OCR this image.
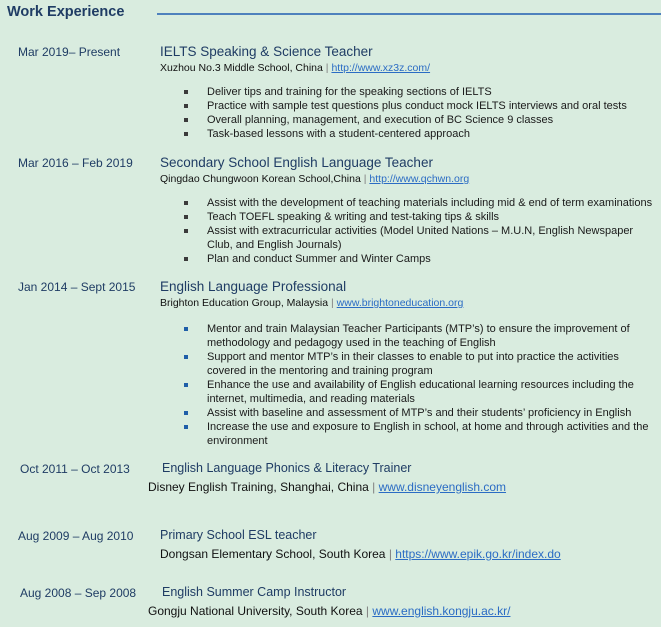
Work Experience
Mar 2019– Present	IELTS Speaking & Science Teacher
Xuzhou No.3 Middle School, China | http://www.xz3z.com/
Deliver tips and training for the speaking sections of IELTS
Practice with sample test questions plus conduct mock IELTS interviews and oral tests
Overall planning, management, and execution of BC Science 9 classes
Task-based lessons with a student-centered approach
Mar 2016 – Feb 2019 Secondary School English Language Teacher
Qingdao Chungwoon Korean School,China | http://www.qchwn.org
Assist with the development of teaching materials including mid & end of term examinations
Teach TOEFL speaking & writing and test-taking tips & skills
Assist with extracurricular activities (Model United Nations – M.U.N, English Newspaper Club, and English Journals)
Plan and conduct Summer and Winter Camps
Jan 2014 – Sept 2015 English Language Professional
Brighton Education Group, Malaysia | www.brightoneducation.org
Mentor and train Malaysian Teacher Participants (MTP’s) to ensure the improvement of methodology and pedagogy used in the teaching of English
Support and mentor MTP’s in their classes to enable to put into practice the activities covered in the mentoring and training program
Enhance the use and availability of English educational learning resources including the internet, multimedia, and reading materials
Assist with baseline and assessment of MTP’s and their students’ proficiency in English
Increase the use and exposure to English in school, at home and through activities and the environment
Oct 2011 – Oct 2013	English Language Phonics & Literacy Trainer
Disney English Training, Shanghai, China | www.disneyenglish.com
Aug 2009 – Aug 2010 Primary School ESL teacher
Dongsan Elementary School, South Korea | https://www.epik.go.kr/index.do
Aug 2008 – Sep 2008 English Summer Camp Instructor
Gongju National University, South Korea | www.english.kongju.ac.kr/
